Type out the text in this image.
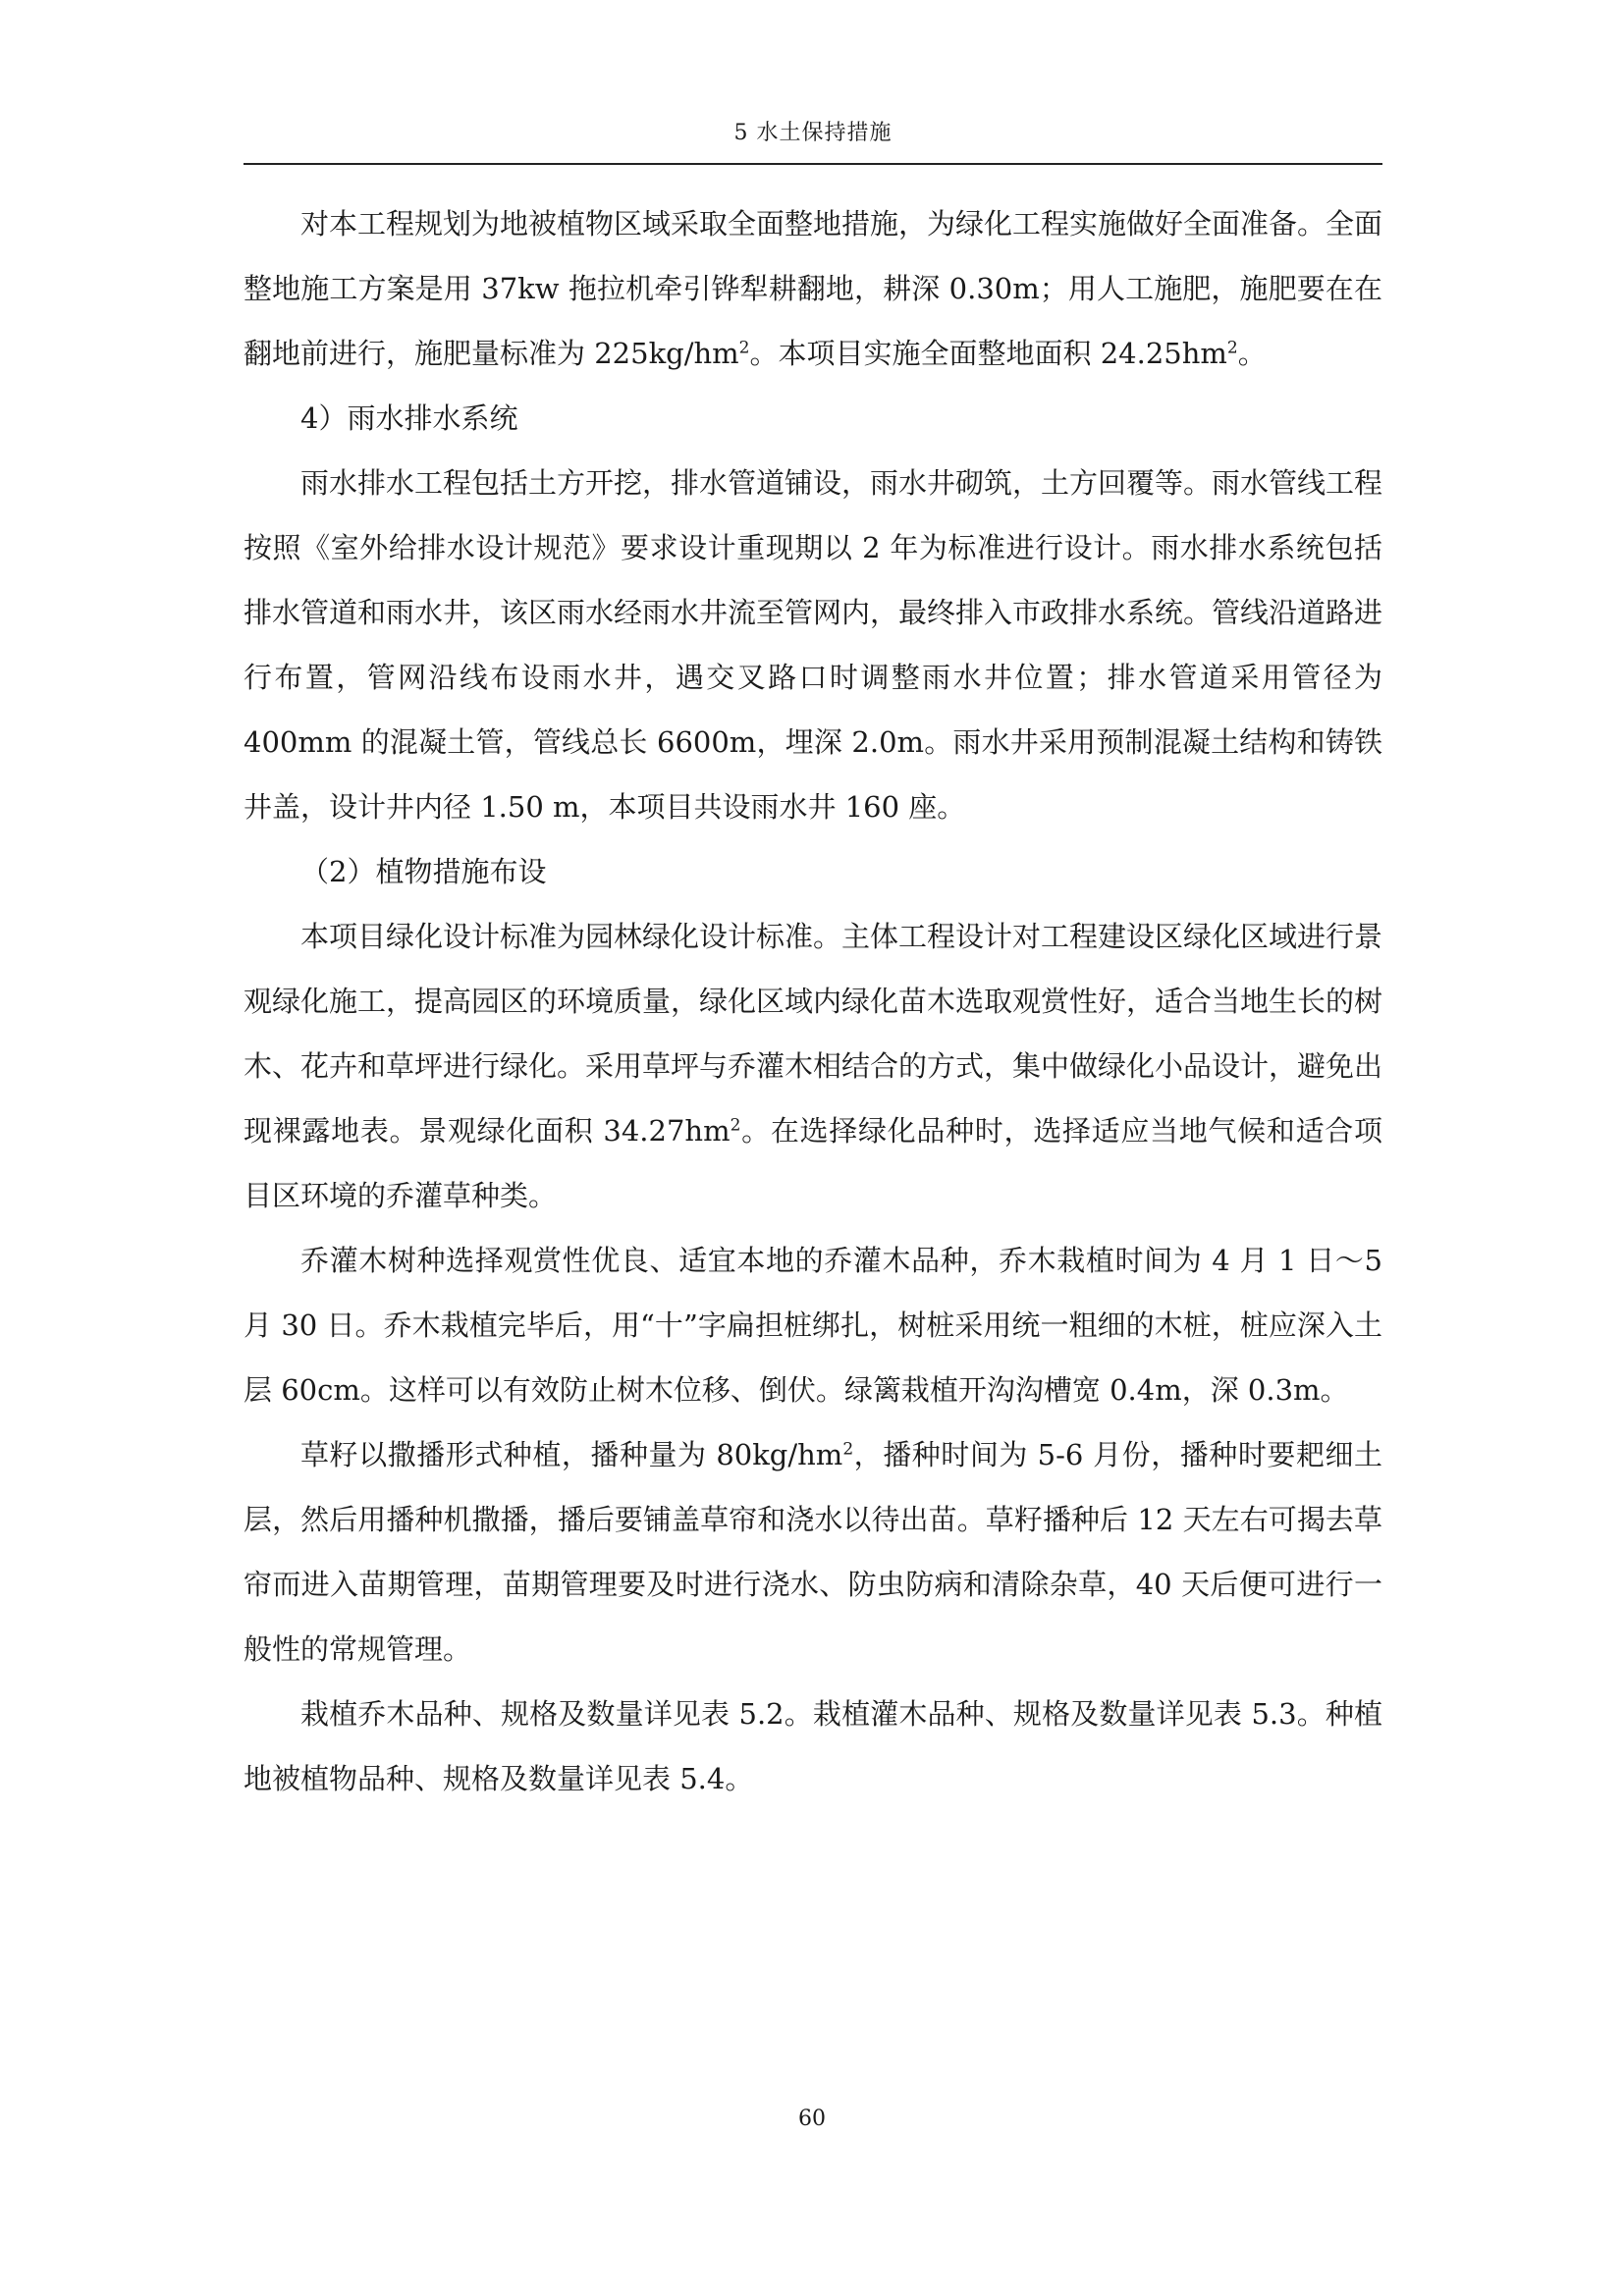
5 水土保持措施

对本工程规划为地被植物区域采取全面整地措施，为绿化工程实施做好全面准备。全面整地施工方案是用 37kw 拖拉机牵引铧犁耕翻地，耕深 0.30m；用人工施肥，施肥要在在翻地前进行，施肥量标准为 $225kg/hm^2$。本项目实施全面整地面积 $24.25hm^2$。

4）雨水排水系统

雨水排水工程包括土方开挖，排水管道铺设，雨水井砌筑，土方回覆等。雨水管线工程按照《室外给排水设计规范》要求设计重现期以 2 年为标准进行设计。雨水排水系统包括排水管道和雨水井，该区雨水经雨水井流至管网内，最终排入市政排水系统。管线沿道路进行布置，管网沿线布设雨水井，遇交叉路口时调整雨水井位置；排水管道采用管径为 400mm 的混凝土管，管线总长 6600m，埋深 2.0m。雨水井采用预制混凝土结构和铸铁井盖，设计井内径 1.50 m，本项目共设雨水井 160 座。

（2）植物措施布设

本项目绿化设计标准为园林绿化设计标准。主体工程设计对工程建设区绿化区域进行景观绿化施工，提高园区的环境质量，绿化区域内绿化苗木选取观赏性好，适合当地生长的树木、花卉和草坪进行绿化。采用草坪与乔灌木相结合的方式，集中做绿化小品设计，避免出现裸露地表。景观绿化面积 $34.27hm^2$。在选择绿化品种时，选择适应当地气候和适合项目区环境的乔灌草种类。

乔灌木树种选择观赏性优良、适宜本地的乔灌木品种，乔木栽植时间为 4 月 1 日～5 月 30 日。乔木栽植完毕后，用“十”字扁担桩绑扎，树桩采用统一粗细的木桩，桩应深入土层 60cm。这样可以有效防止树木位移、倒伏。绿篱栽植开沟沟槽宽 0.4m，深 0.3m。

草籽以撒播形式种植，播种量为 $80kg/hm^2$，播种时间为 5-6 月份，播种时要耙细土层，然后用播种机撒播，播后要铺盖草帘和浇水以待出苗。草籽播种后 12 天左右可揭去草帘而进入苗期管理，苗期管理要及时进行浇水、防虫防病和清除杂草，40 天后便可进行一般性的常规管理。

栽植乔木品种、规格及数量详见表 5.2。栽植灌木品种、规格及数量详见表 5.3。种植地被植物品种、规格及数量详见表 5.4。

60
